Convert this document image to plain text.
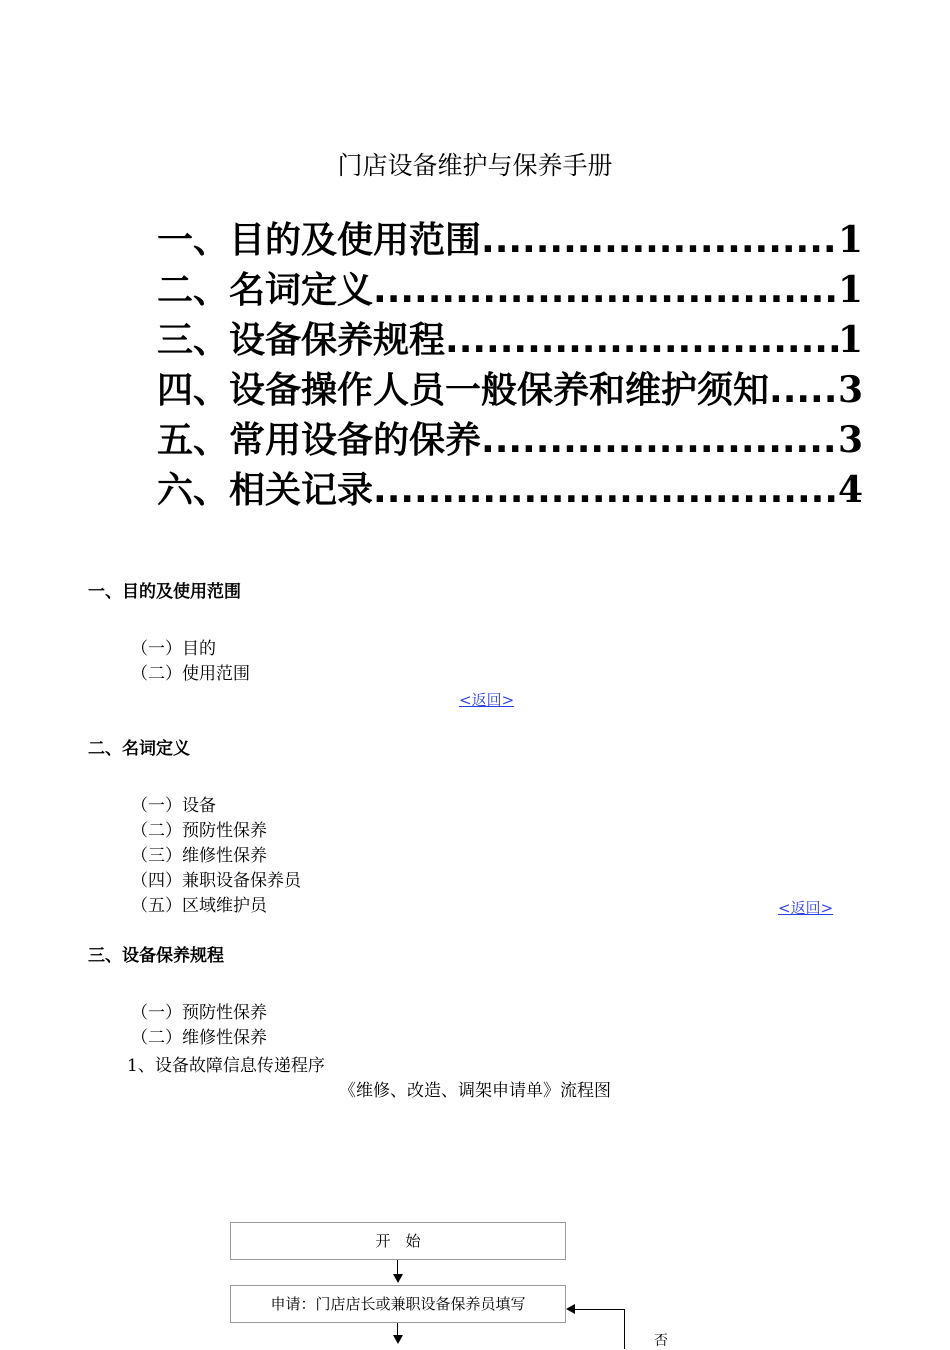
门店设备维护与保养手册
一、目的及使用范围 .....	1
二、名词定义 .....	1
三、设备保养规程 .....	1
四、设备操作人员一般保养和维护须知 ..... 3
五、常用设备的保养 .....	3
六、相关记录 .....	4
一、目的及使用范围
（一）目的
（二）使用范围
<返回>
二、名词定义
（一）设备
（二）预防性保养
（三）维修性保养
（四）兼职设备保养员
（五）区域维护员	<返回>
三、设备保养规程
（一）预防性保养
（二）维修性保养
1、设备故障信息传递程序
《维修、改造、调架申请单》流程图
开　始
申请：门店店长或兼职设备保养员填写
否
